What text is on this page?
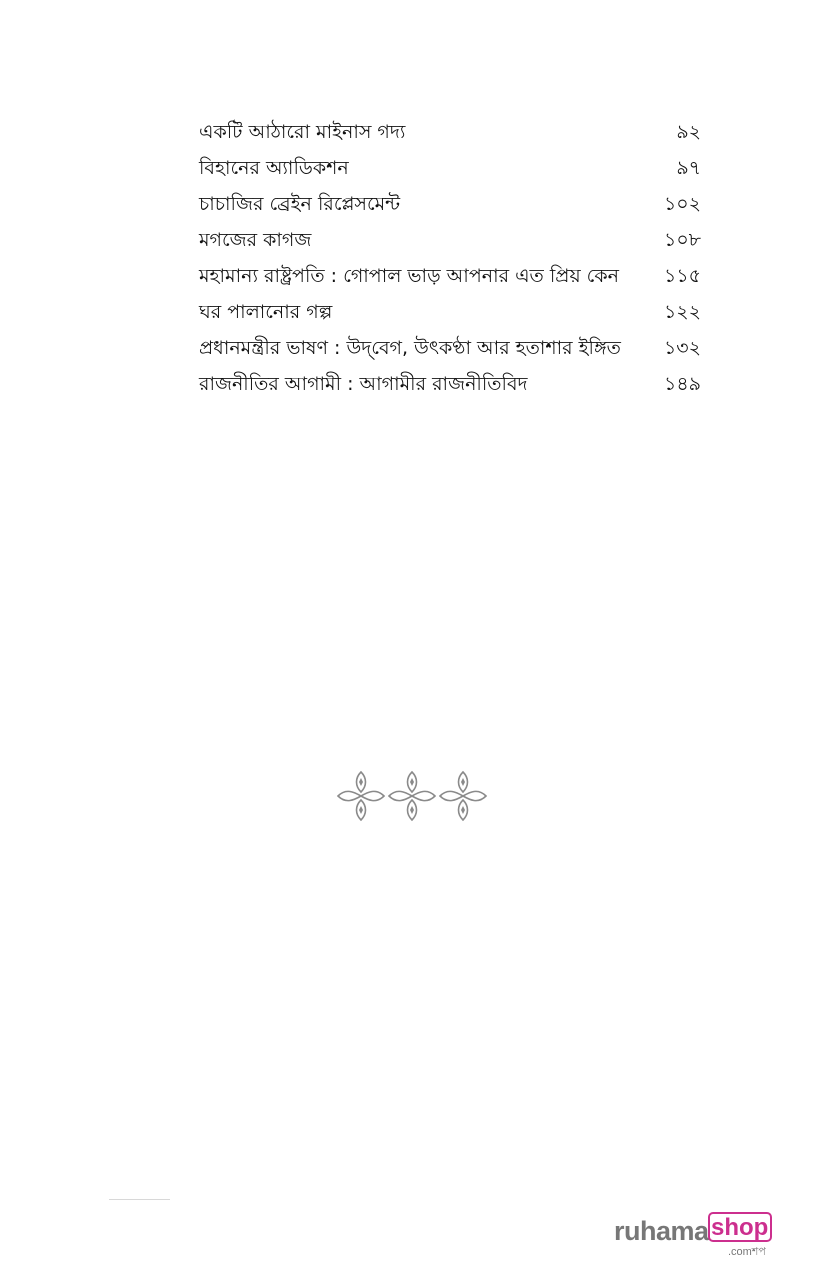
একটি আঠারো মাইনাস গদ্য	৯২
বিহানের অ্যাডিকশন	৯৭
চাচাজির ব্রেইন রিপ্লেসমেন্ট	১০২
মগজের কাগজ	১০৮
মহামান্য রাষ্ট্রপতি : গোপাল ভাড় আপনার এত প্রিয় কেন ১১৫
ঘর পালানোর গল্প	১২২
প্রধানমন্ত্রীর ভাষণ : উদ্‌বেগ, উৎকণ্ঠা আর হতাশার ইঙ্গিত ১৩২
রাজনীতির আগামী : আগামীর রাজনীতিবিদ	১৪৯
ruhama shop
.comশপ
